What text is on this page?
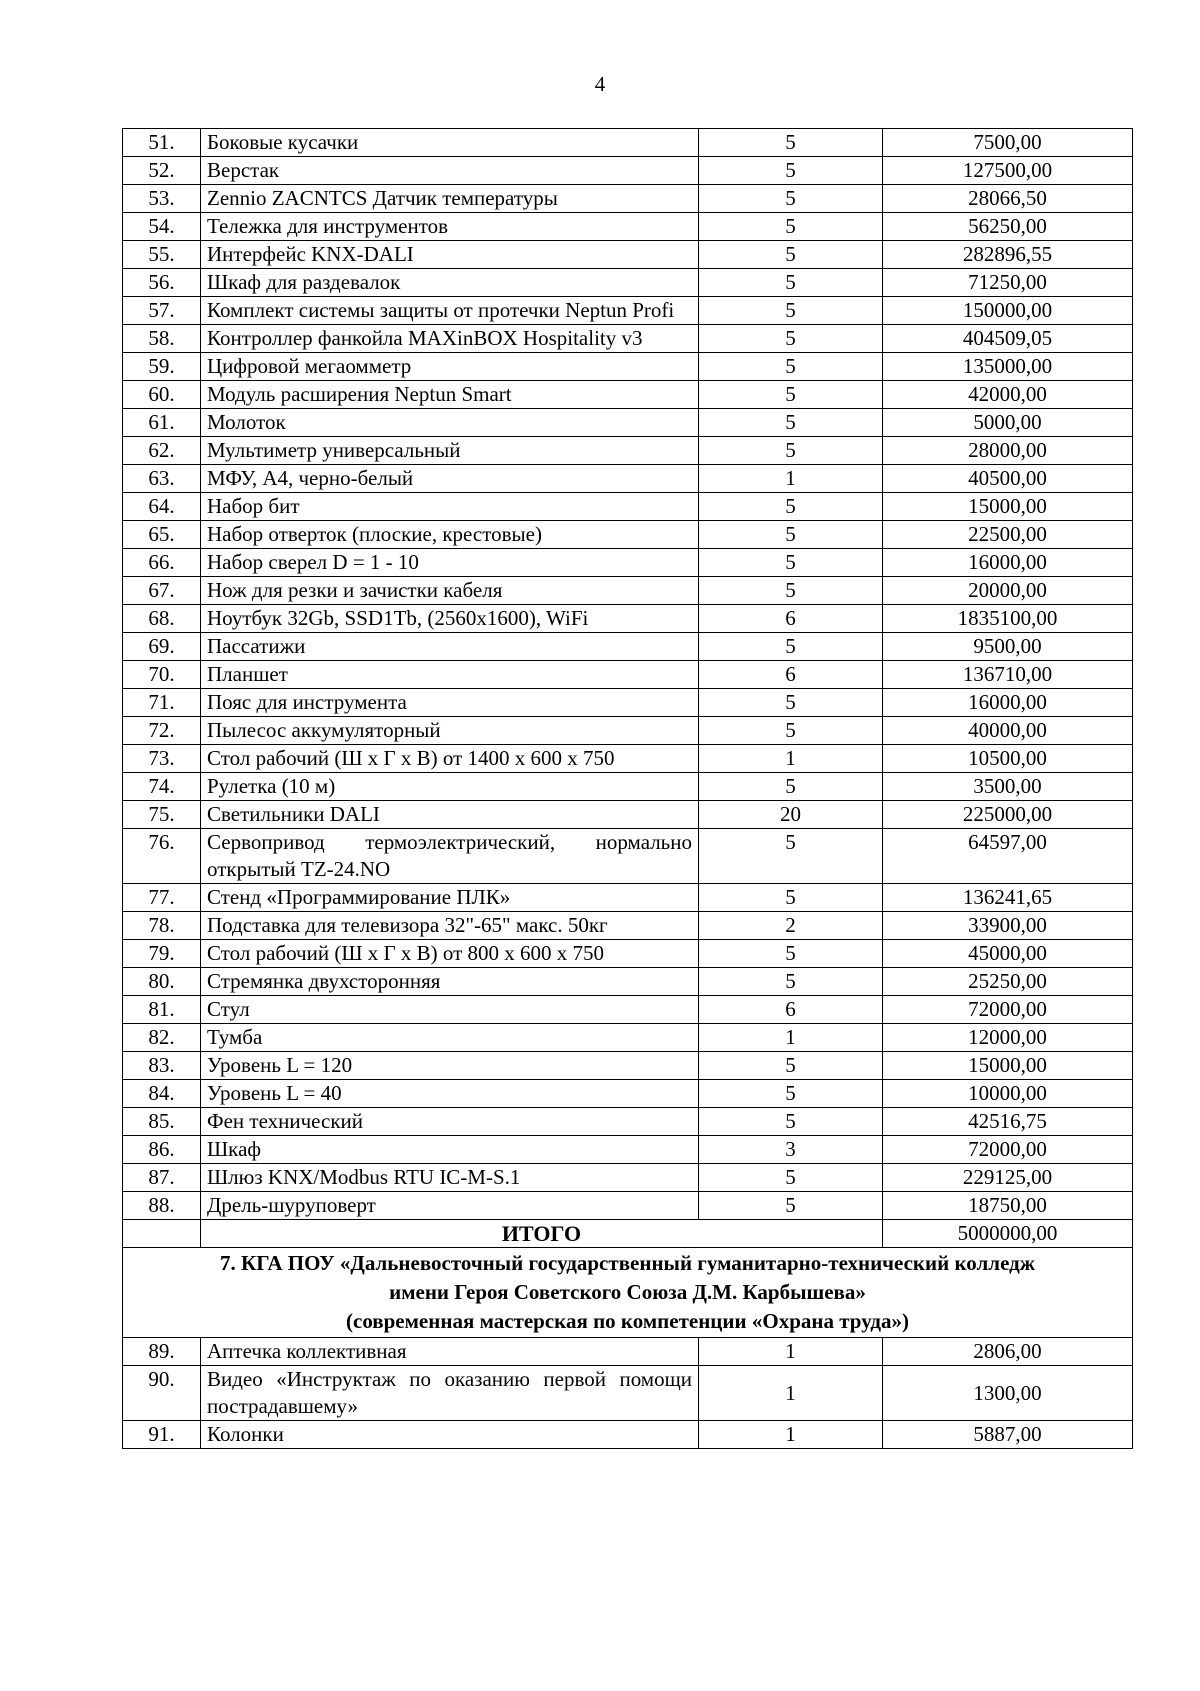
4
51.	Боковые кусачки	5	7500,00
52.	Верстак	5	127500,00
53.	Zennio ZACNTCS Датчик температуры	5	28066,50
54.	Тележка для инструментов	5	56250,00
55.	Интерфейс KNX-DALI	5	282896,55
56.	Шкаф для раздевалок	5	71250,00
57.	Комплект системы защиты от протечки Neptun Profi	5	150000,00
58.	Контроллер фанкойла MAXinBOX Hospitality v3	5	404509,05
59.	Цифровой мегаомметр	5	135000,00
60.	Модуль расширения Neptun Smart	5	42000,00
61.	Молоток	5	5000,00
62.	Мультиметр универсальный	5	28000,00
63.	МФУ, А4, черно-белый	1	40500,00
64.	Набор бит	5	15000,00
65.	Набор отверток (плоские, крестовые)	5	22500,00
66.	Набор сверел D = 1 - 10	5	16000,00
67.	Нож для резки и зачистки кабеля	5	20000,00
68.	Ноутбук 32Gb, SSD1Tb, (2560x1600), WiFi	6	1835100,00
69.	Пассатижи	5	9500,00
70.	Планшет	6	136710,00
71.	Пояс для инструмента	5	16000,00
72.	Пылесос аккумуляторный	5	40000,00
73.	Стол рабочий (Ш х Г х В) от 1400 х 600 х 750	1	10500,00
74.	Рулетка (10 м)	5	3500,00
75.	Светильники DALI	20	225000,00
76.	Сервопривод термоэлектрический, нормально открытый TZ-24.NO	5	64597,00
77.	Стенд «Программирование ПЛК»	5	136241,65
78.	Подставка для телевизора 32"-65" макс. 50кг	2	33900,00
79.	Стол рабочий (Ш х Г х В) от 800 х 600 х 750	5	45000,00
80.	Стремянка двухсторонняя	5	25250,00
81.	Стул	6	72000,00
82.	Тумба	1	12000,00
83.	Уровень L = 120	5	15000,00
84.	Уровень L = 40	5	10000,00
85.	Фен технический	5	42516,75
86.	Шкаф	3	72000,00
87.	Шлюз KNX/Modbus RTU IC-M-S.1	5	229125,00
88.	Дрель-шуруповерт	5	18750,00
	ИТОГО		5000000,00

7. КГА ПОУ «Дальневосточный государственный гуманитарно-технический колледж
имени Героя Советского Союза Д.М. Карбышева»
(современная мастерская по компетенции «Охрана труда»)			

89.	Аптечка коллективная	1	2806,00
90.	Видео «Инструктаж по оказанию первой помощи пострадавшему»	1	1300,00
91.	Колонки	1	5887,00
